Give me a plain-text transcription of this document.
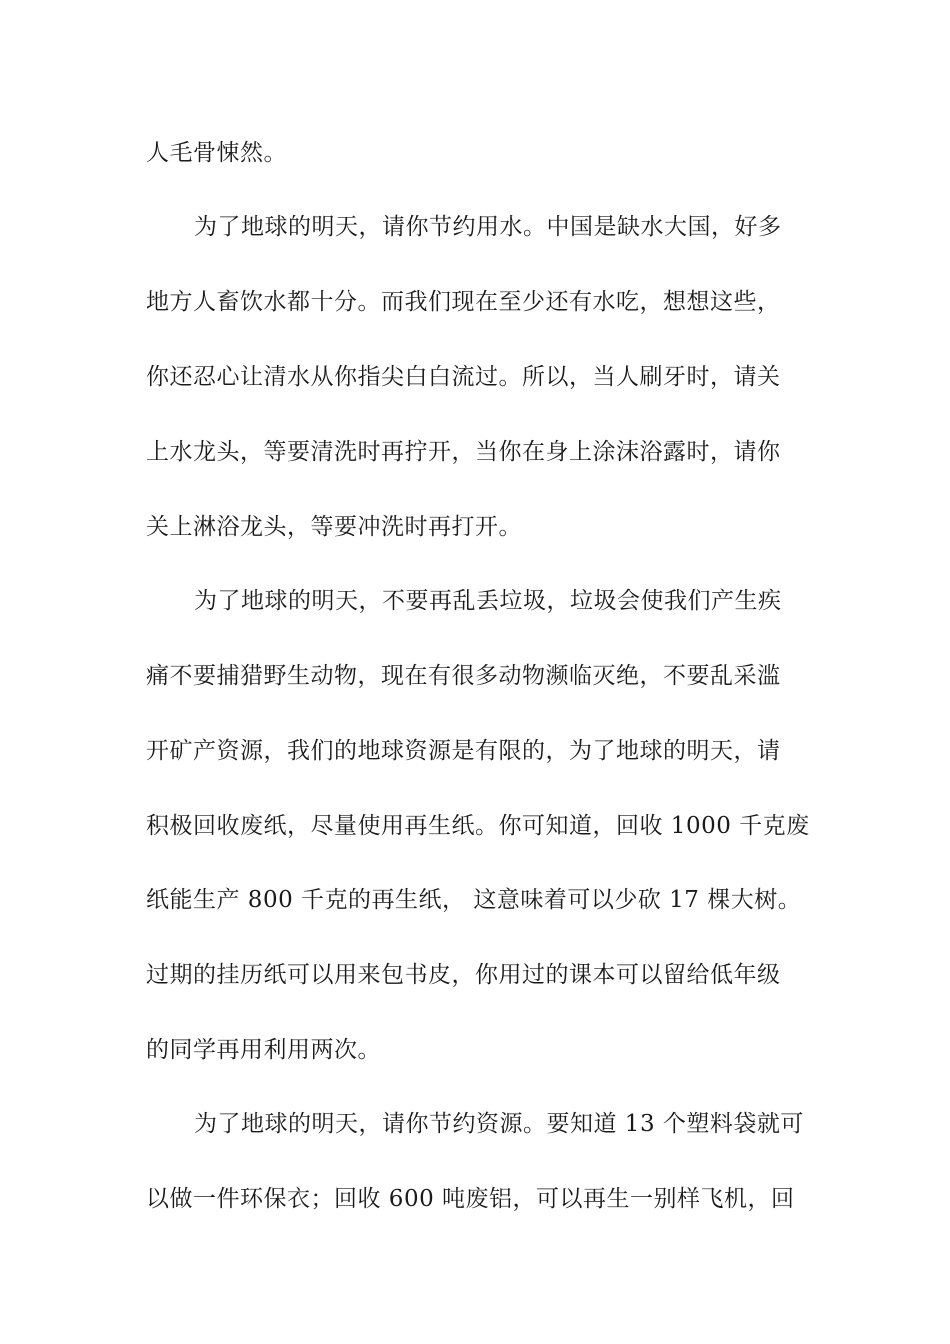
人毛骨悚然。

为了地球的明天，请你节约用水。中国是缺水大国，好多

地方人畜饮水都十分。而我们现在至少还有水吃，想想这些，

你还忍心让清水从你指尖白白流过。所以，当人刷牙时，请关

上水龙头，等要清洗时再拧开，当你在身上涂沫浴露时，请你

关上淋浴龙头，等要冲洗时再打开。

为了地球的明天，不要再乱丢垃圾，垃圾会使我们产生疾

痛不要捕猎野生动物，现在有很多动物濒临灭绝，不要乱采滥

开矿产资源，我们的地球资源是有限的，为了地球的明天，请

积极回收废纸，尽量使用再生纸。你可知道，回收 1000 千克废

纸能生产 800 千克的再生纸， 这意味着可以少砍 17 棵大树。

过期的挂历纸可以用来包书皮，你用过的课本可以留给低年级

的同学再用利用两次。

为了地球的明天，请你节约资源。要知道 13 个塑料袋就可

以做一件环保衣；回收 600 吨废铝，可以再生一别样飞机，回
